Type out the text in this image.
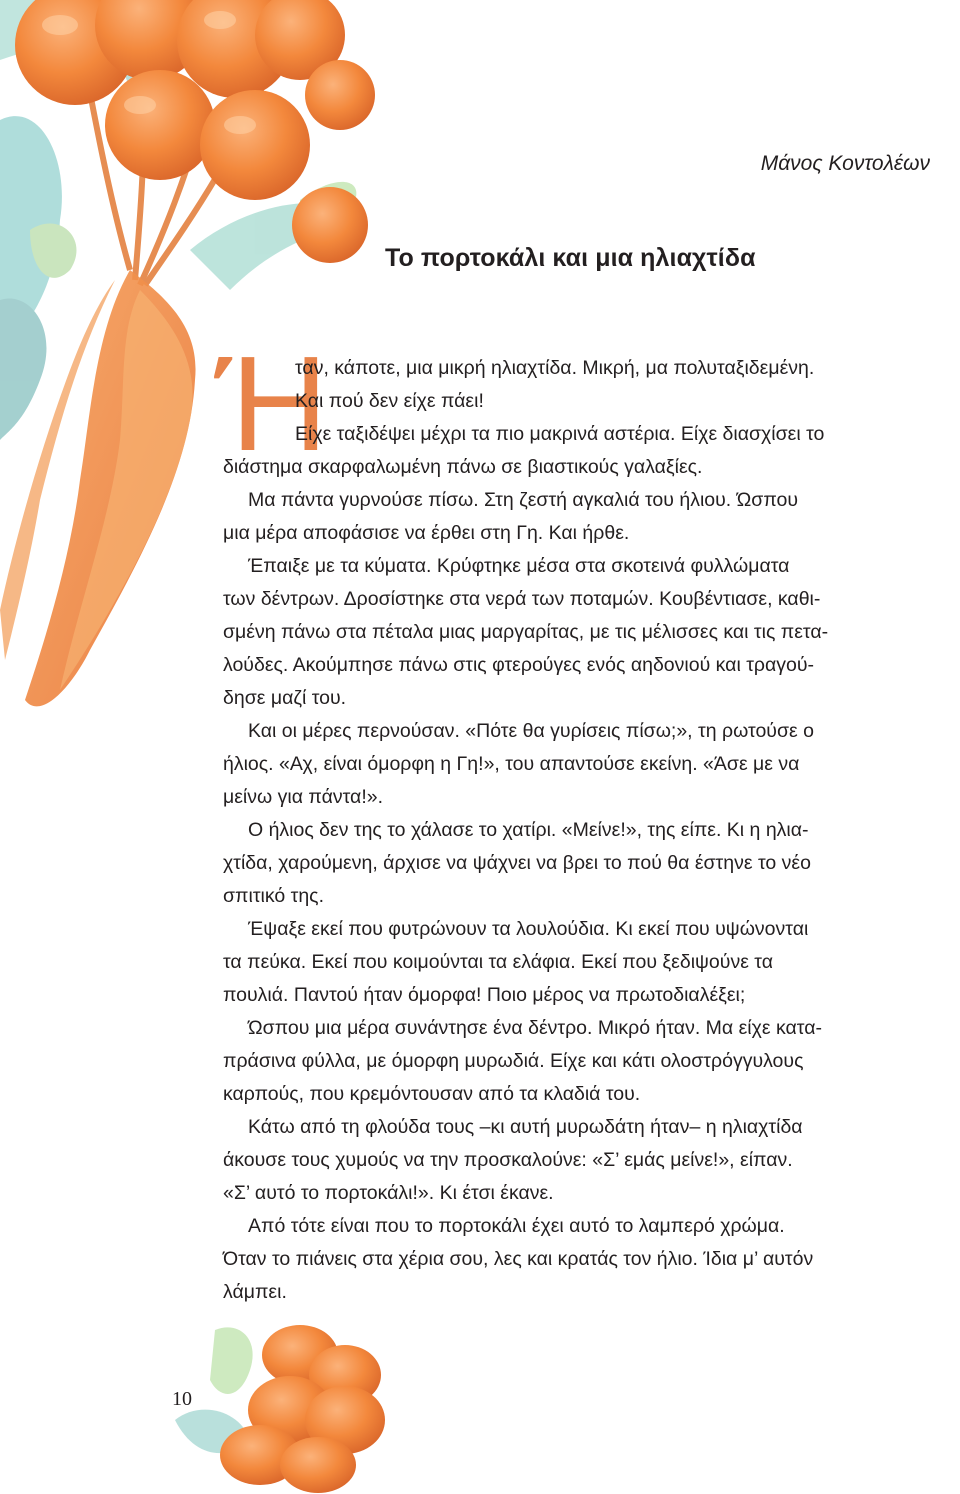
Μάνος Κοντολέων
Το πορτοκάλι και μια ηλιαχτίδα
Ή
ταν, κάποτε, μια μικρή ηλιαχτίδα. Μικρή, μα πολυταξιδεμένη.
Και πού δεν είχε πάει!
Είχε ταξιδέψει μέχρι τα πιο μακρινά αστέρια. Είχε διασχίσει το
διάστημα σκαρφαλωμένη πάνω σε βιαστικούς γαλαξίες.
Μα πάντα γυρνούσε πίσω. Στη ζεστή αγκαλιά του ήλιου. Ώσπου
μια μέρα αποφάσισε να έρθει στη Γη. Και ήρθε.
Έπαιξε με τα κύματα. Κρύφτηκε μέσα στα σκοτεινά φυλλώματα
των δέντρων. Δροσίστηκε στα νερά των ποταμών. Κουβέντιασε, καθι-
σμένη πάνω στα πέταλα μιας μαργαρίτας, με τις μέλισσες και τις πετα-
λούδες. Ακούμπησε πάνω στις φτερούγες ενός αηδονιού και τραγού-
δησε μαζί του.
Και οι μέρες περνούσαν. «Πότε θα γυρίσεις πίσω;», τη ρωτούσε ο
ήλιος. «Αχ, είναι όμορφη η Γη!», του απαντούσε εκείνη. «Άσε με να
μείνω για πάντα!».
Ο ήλιος δεν της το χάλασε το χατίρι. «Μείνε!», της είπε. Κι η ηλια-
χτίδα, χαρούμενη, άρχισε να ψάχνει να βρει το πού θα έστηνε το νέο
σπιτικό της.
Έψαξε εκεί που φυτρώνουν τα λουλούδια. Κι εκεί που υψώνονται
τα πεύκα. Εκεί που κοιμούνται τα ελάφια. Εκεί που ξεδιψούνε τα
πουλιά. Παντού ήταν όμορφα! Ποιο μέρος να πρωτοδιαλέξει;
Ώσπου μια μέρα συνάντησε ένα δέντρο. Μικρό ήταν. Μα είχε κατα-
πράσινα φύλλα, με όμορφη μυρωδιά. Είχε και κάτι ολοστρόγγυλους
καρπούς, που κρεμόντουσαν από τα κλαδιά του.
Κάτω από τη φλούδα τους –κι αυτή μυρωδάτη ήταν– η ηλιαχτίδα
άκουσε τους χυμούς να την προσκαλούνε: «Σ’ εμάς μείνε!», είπαν.
«Σ’ αυτό το πορτοκάλι!». Κι έτσι έκανε.
Από τότε είναι που το πορτοκάλι έχει αυτό το λαμπερό χρώμα.
Όταν το πιάνεις στα χέρια σου, λες και κρατάς τον ήλιο. Ίδια μ’ αυτόν
λάμπει.
10
